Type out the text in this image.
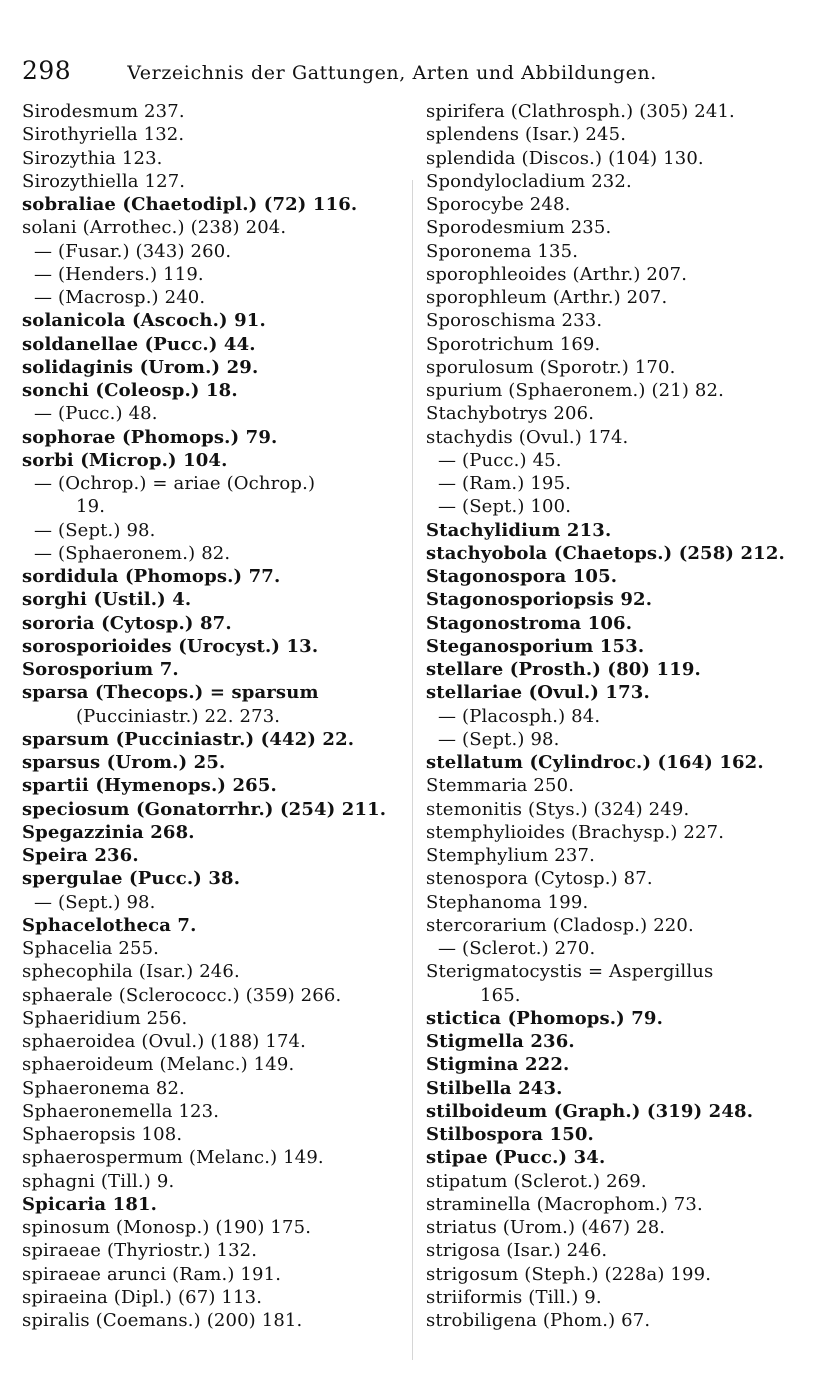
298	Verzeichnis der Gattungen, Arten und Abbildungen.
Sirodesmum 237.
Sirothyriella 132.
Sirozythia 123.
Sirozythiella 127.
sobraliae (Chaetodipl.) (72) 116.
solani (Arrothec.) (238) 204.
— (Fusar.) (343) 260.
— (Henders.) 119.
— (Macrosp.) 240.
solanicola (Ascoch.) 91.
soldanellae (Pucc.) 44.
solidaginis (Urom.) 29.
sonchi (Coleosp.) 18.
— (Pucc.) 48.
sophorae (Phomops.) 79.
sorbi (Microp.) 104.
— (Ochrop.) = ariae (Ochrop.)
19.
— (Sept.) 98.
— (Sphaeronem.) 82.
sordidula (Phomops.) 77.
sorghi (Ustil.) 4.
sororia (Cytosp.) 87.
sorosporioides (Urocyst.) 13.
Sorosporium 7.
sparsa (Thecops.) = sparsum
(Pucciniastr.) 22. 273.
sparsum (Pucciniastr.) (442) 22.
sparsus (Urom.) 25.
spartii (Hymenops.) 265.
speciosum (Gonatorrhr.) (254) 211.
Spegazzinia 268.
Speira 236.
spergulae (Pucc.) 38.
— (Sept.) 98.
Sphacelotheca 7.
Sphacelia 255.
sphecophila (Isar.) 246.
sphaerale (Sclerococc.) (359) 266.
Sphaeridium 256.
sphaeroidea (Ovul.) (188) 174.
sphaeroideum (Melanc.) 149.
Sphaeronema 82.
Sphaeronemella 123.
Sphaeropsis 108.
sphaerospermum (Melanc.) 149.
sphagni (Till.) 9.
Spicaria 181.
spinosum (Monosp.) (190) 175.
spiraeae (Thyriostr.) 132.
spiraeae arunci (Ram.) 191.
spiraeina (Dipl.) (67) 113.
spiralis (Coemans.) (200) 181.
spirifera (Clathrosph.) (305) 241.
splendens (Isar.) 245.
splendida (Discos.) (104) 130.
Spondylocladium 232.
Sporocybe 248.
Sporodesmium 235.
Sporonema 135.
sporophleoides (Arthr.) 207.
sporophleum (Arthr.) 207.
Sporoschisma 233.
Sporotrichum 169.
sporulosum (Sporotr.) 170.
spurium (Sphaeronem.) (21) 82.
Stachybotrys 206.
stachydis (Ovul.) 174.
— (Pucc.) 45.
— (Ram.) 195.
— (Sept.) 100.
Stachylidium 213.
stachyobola (Chaetops.) (258) 212.
Stagonospora 105.
Stagonosporiopsis 92.
Stagonostroma 106.
Steganosporium 153.
stellare (Prosth.) (80) 119.
stellariae (Ovul.) 173.
— (Placosph.) 84.
— (Sept.) 98.
stellatum (Cylindroc.) (164) 162.
Stemmaria 250.
stemonitis (Stys.) (324) 249.
stemphylioides (Brachysp.) 227.
Stemphylium 237.
stenospora (Cytosp.) 87.
Stephanoma 199.
stercorarium (Cladosp.) 220.
— (Sclerot.) 270.
Sterigmatocystis = Aspergillus
165.
stictica (Phomops.) 79.
Stigmella 236.
Stigmina 222.
Stilbella 243.
stilboideum (Graph.) (319) 248.
Stilbospora 150.
stipae (Pucc.) 34.
stipatum (Sclerot.) 269.
straminella (Macrophom.) 73.
striatus (Urom.) (467) 28.
strigosa (Isar.) 246.
strigosum (Steph.) (228a) 199.
striiformis (Till.) 9.
strobiligena (Phom.) 67.
